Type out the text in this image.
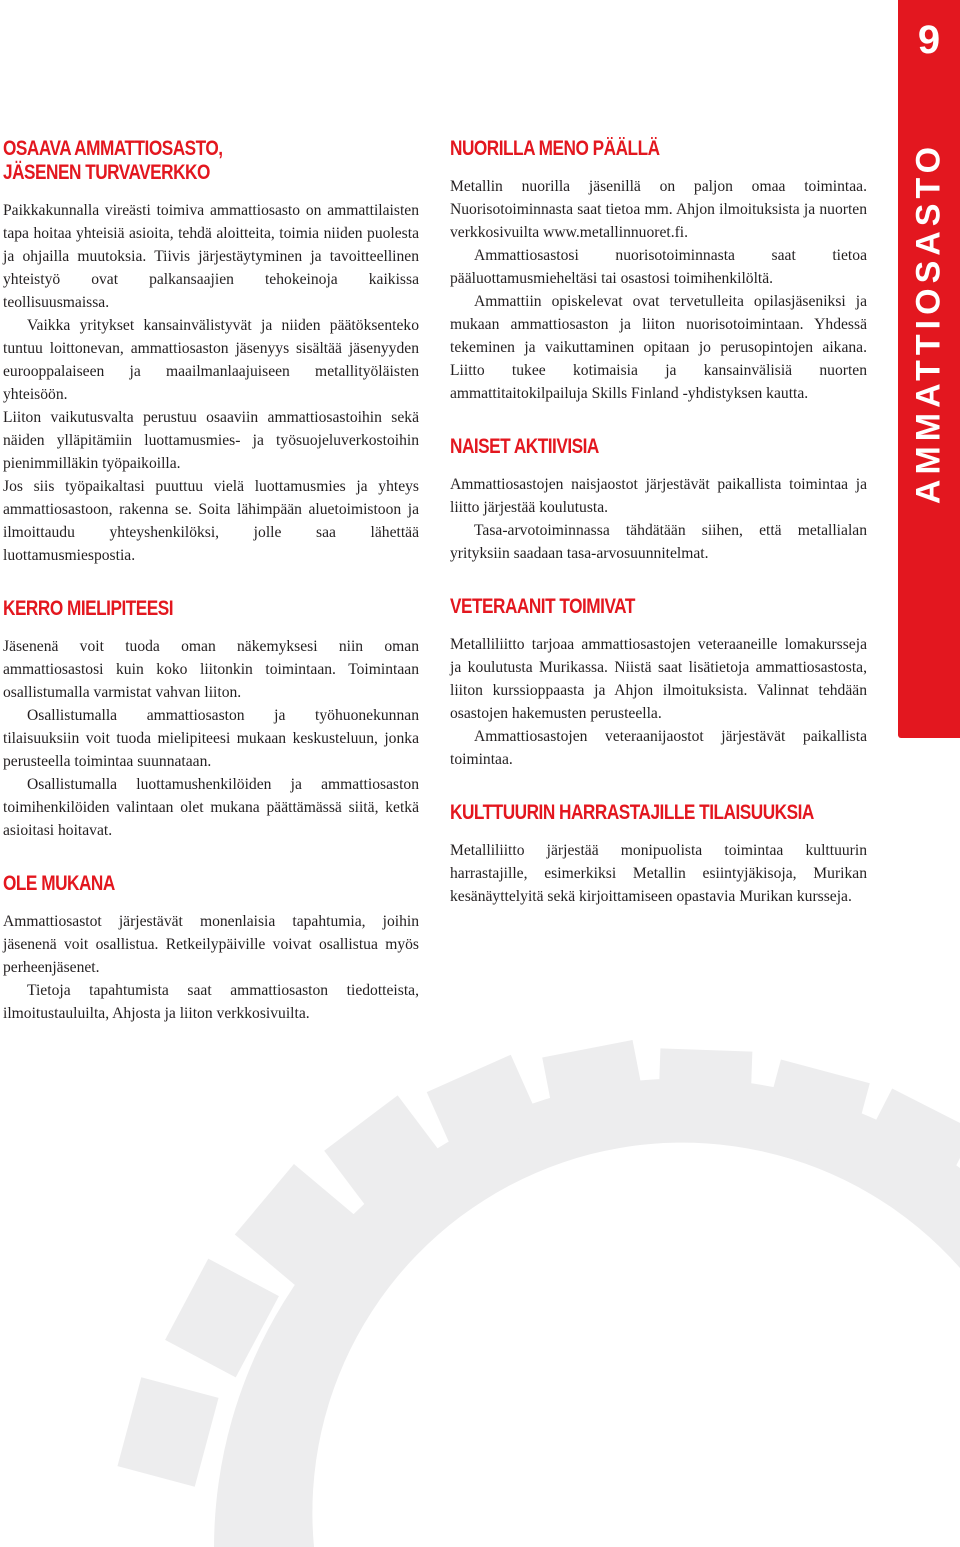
9
AMMATTIOSASTO
OSAAVA AMMATTIOSASTO,
JÄSENEN TURVAVERKKO

Paikkakunnalla vireästi toimiva ammattiosasto on ammattilaisten tapa hoitaa yhteisiä asioita, tehdä aloitteita, toimia niiden puolesta ja ohjailla muutoksia. Tiivis järjestäytyminen ja tavoitteellinen yhteistyö ovat palkansaajien tehokeinoja kaikissa teollisuusmaissa.

Vaikka yritykset kansainvälistyvät ja niiden päätöksenteko tuntuu loittonevan, ammattiosaston jäsenyys sisältää jäsenyyden eurooppalaiseen ja maailmanlaajuiseen metallityöläisten yhteisöön.

Liiton vaikutusvalta perustuu osaaviin ammattiosastoihin sekä näiden ylläpitämiin luottamusmies- ja työsuojeluverkostoihin pienimmilläkin työpaikoilla.

Jos siis työpaikaltasi puuttuu vielä luottamusmies ja yhteys ammattiosastoon, rakenna se. Soita lähimpään aluetoimistoon ja ilmoittaudu yhteyshenkilöksi, jolle saa lähettää luottamusmiespostia.

KERRO MIELIPITEESI

Jäsenenä voit tuoda oman näkemyksesi niin oman ammattiosastosi kuin koko liitonkin toimintaan. Toimintaan osallistumalla varmistat vahvan liiton.

Osallistumalla ammattiosaston ja työhuonekunnan tilaisuuksiin voit tuoda mielipiteesi mukaan keskusteluun, jonka perusteella toimintaa suunnataan.

Osallistumalla luottamushenkilöiden ja ammattiosaston toimihenkilöiden valintaan olet mukana päättämässä siitä, ketkä asioitasi hoitavat.

OLE MUKANA

Ammattiosastot järjestävät monenlaisia tapahtumia, joihin jäsenenä voit osallistua. Retkeilypäiville voivat osallistua myös perheenjäsenet.

Tietoja tapahtumista saat ammattiosaston tiedotteista, ilmoitustauluilta, Ahjosta ja liiton verkkosivuilta.

NUORILLA MENO PÄÄLLÄ

Metallin nuorilla jäsenillä on paljon omaa toimintaa. Nuorisotoiminnasta saat tietoa mm. Ahjon ilmoituksista ja nuorten verkkosivuilta www.metallinnuoret.fi.

Ammattiosastosi nuorisotoiminnasta saat tietoa pääluottamusmieheltäsi tai osastosi toimihenkilöltä.

Ammattiin opiskelevat ovat tervetulleita opilasjäseniksi ja mukaan ammattiosaston ja liiton nuorisotoimintaan. Yhdessä tekeminen ja vaikuttaminen opitaan jo perusopintojen aikana. Liitto tukee kotimaisia ja kansainvälisiä nuorten ammattitaitokilpailuja Skills Finland -yhdistyksen kautta.

NAISET AKTIIVISIA

Ammattiosastojen naisjaostot järjestävät paikallista toimintaa ja liitto järjestää koulutusta.

Tasa-arvotoiminnassa tähdätään siihen, että metallialan yrityksiin saadaan tasa-arvosuunnitelmat.

VETERAANIT TOIMIVAT

Metalliliitto tarjoaa ammattiosastojen veteraaneille lomakursseja ja koulutusta Murikassa. Niistä saat lisätietoja ammattiosastosta, liiton kurssioppaasta ja Ahjon ilmoituksista. Valinnat tehdään osastojen hakemusten perusteella.

Ammattiosastojen veteraanijaostot järjestävät paikallista toimintaa.

KULTTUURIN HARRASTAJILLE TILAISUUKSIA

Metalliliitto järjestää monipuolista toimintaa kulttuurin harrastajille, esimerkiksi Metallin esiintyjäkisoja, Murikan kesänäyttelyitä sekä kirjoittamiseen opastavia Murikan kursseja.
